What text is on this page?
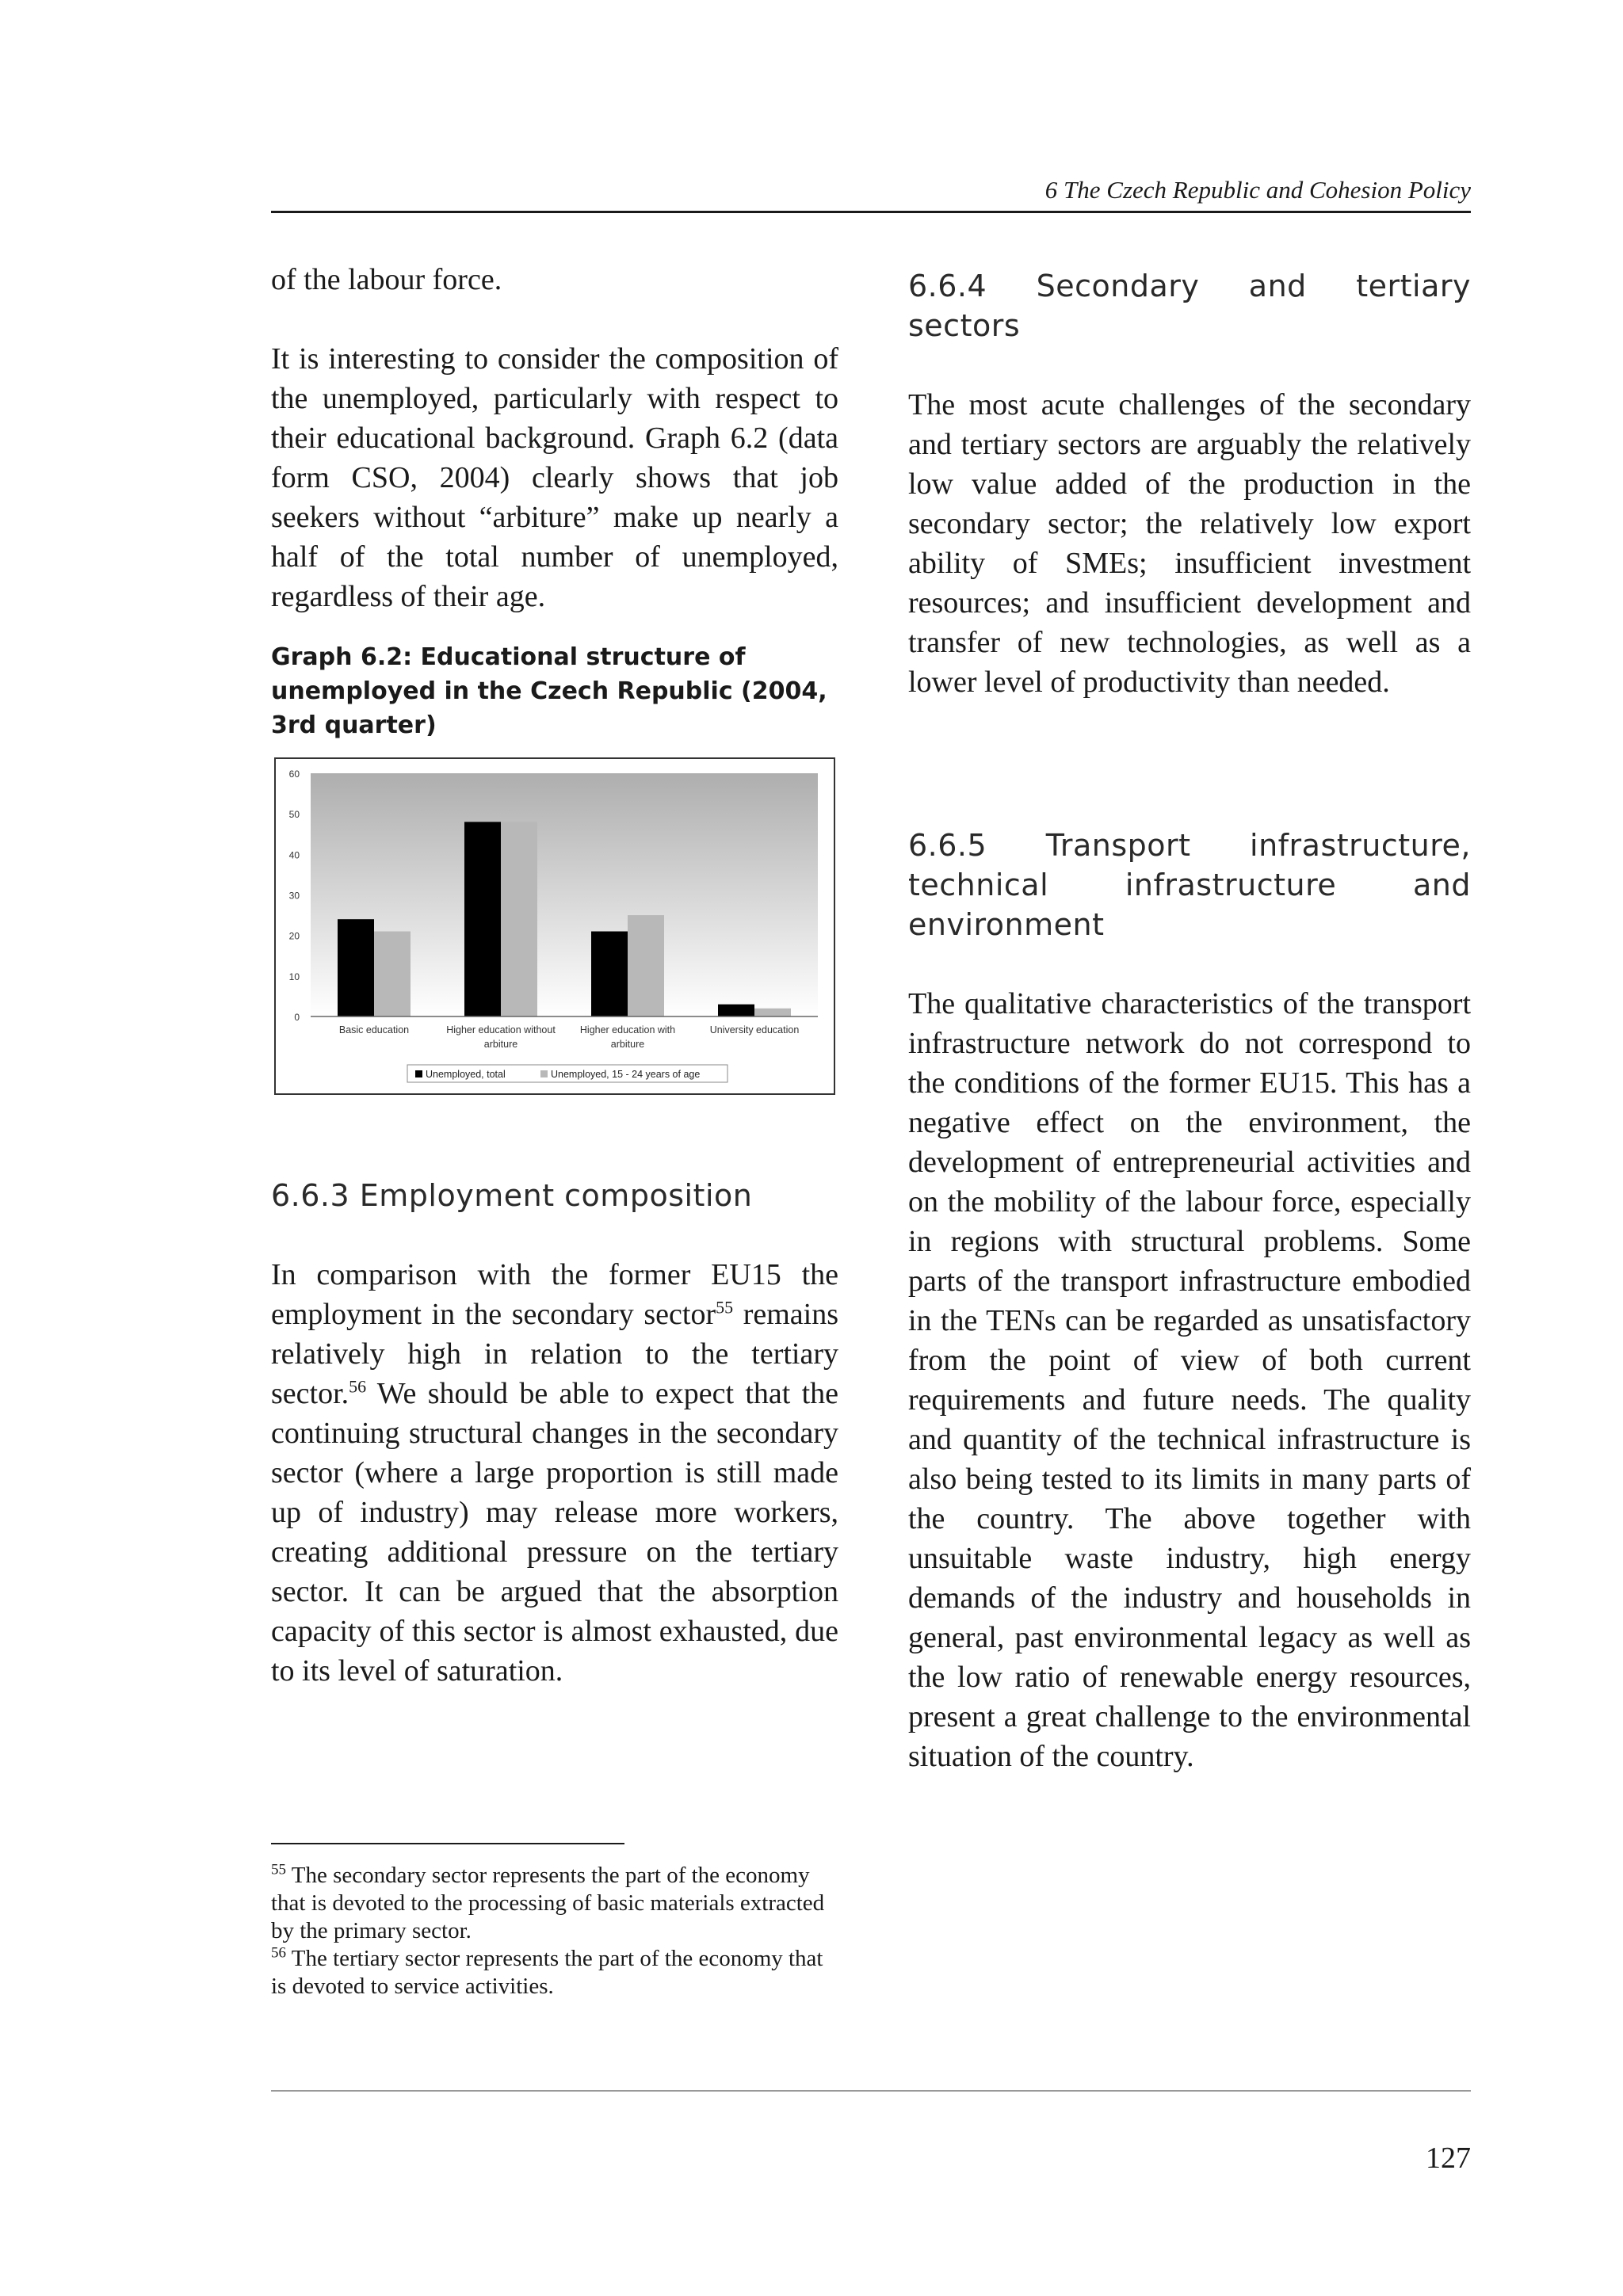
6 The Czech Republic and Cohesion Policy

of the labour force.

It is interesting to consider the composition of the unemployed, particularly with respect to their educational background. Graph 6.2 (data form CSO, 2004) clearly shows that job seekers without “arbiture” make up nearly a half of the total number of unemployed, regardless of their age.

Graph 6.2: Educational structure of unemployed in the Czech Republic (2004, 3rd quarter)

0
10
20
30
40
50
60
Basic education	Higher education without
arbiture
Higher education with
arbiture
University education
Unemployed, total	Unemployed, 15 - 24 years of age
6.6.3 Employment composition

In comparison with the former EU15 the employment in the secondary sector$^{55}$ remains relatively high in relation to the tertiary sector.$^{56}$ We should be able to expect that the continuing structural changes in the secondary sector (where a large proportion is still made up of industry) may release more workers, creating additional pressure on the tertiary sector. It can be argued that the absorption capacity of this sector is almost exhausted, due to its level of saturation.

6.6.4 Secondary and tertiary sectors

The most acute challenges of the secondary and tertiary sectors are arguably the relatively low value added of the production in the secondary sector; the relatively low export ability of SMEs; insufficient investment resources; and insufficient development and transfer of new technologies, as well as a lower level of productivity than needed.

6.6.5 Transport infrastructure, technical infrastructure and environment

The qualitative characteristics of the transport infrastructure network do not correspond to the conditions of the former EU15. This has a negative effect on the environment, the development of entrepreneurial activities and on the mobility of the labour force, especially in regions with structural problems. Some parts of the transport infrastructure embodied in the TENs can be regarded as unsatisfactory from the point of view of both current requirements and future needs. The quality and quantity of the technical infrastructure is also being tested to its limits in many parts of the country. The above together with unsuitable waste industry, high energy demands of the industry and households in general, past environmental legacy as well as the low ratio of renewable energy resources, present a great challenge to the environmental situation of the country.

$^{55}$ The secondary sector represents the part of the economy that is devoted to the processing of basic materials extracted by the primary sector.

$^{56}$ The tertiary sector represents the part of the economy that is devoted to service activities.

127
